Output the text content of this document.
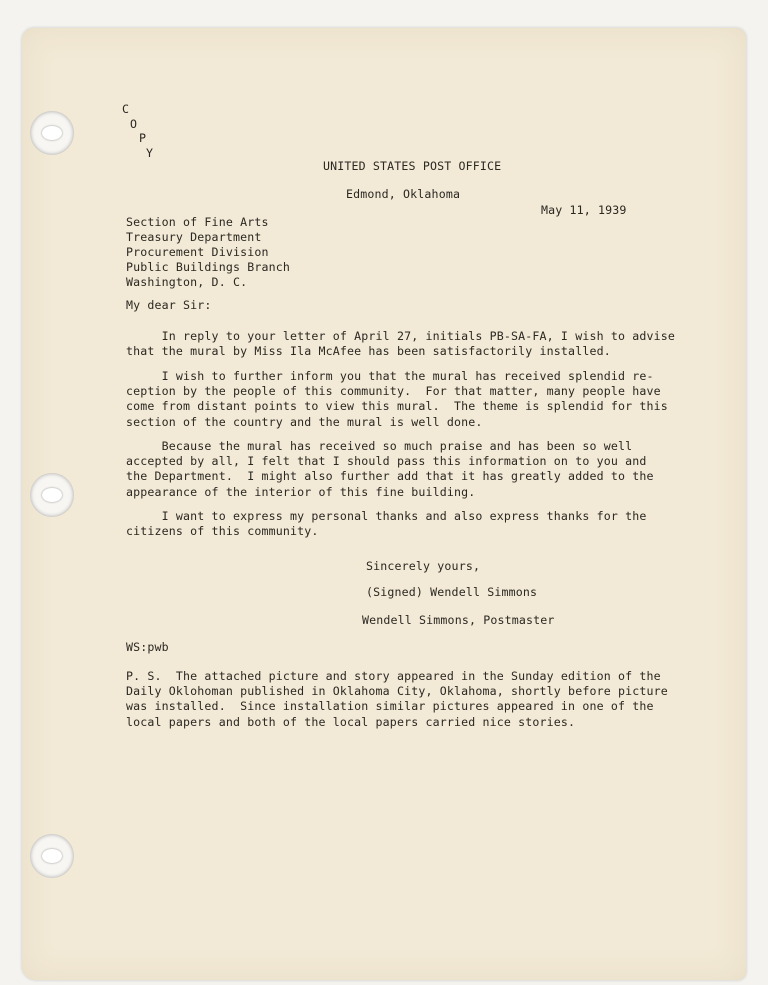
C

O

P

Y

UNITED STATES POST OFFICE

Edmond, Oklahoma

May 11, 1939

Section of Fine Arts

Treasury Department

Procurement Division

Public Buildings Branch

Washington, D. C.

My dear Sir:

In reply to your letter of April 27, initials PB-SA-FA, I wish to advise
that the mural by Miss Ila McAfee has been satisfactorily installed.

I wish to further inform you that the mural has received splendid re-
ception by the people of this community.  For that matter, many people have
come from distant points to view this mural.  The theme is splendid for this
section of the country and the mural is well done.

Because the mural has received so much praise and has been so well
accepted by all, I felt that I should pass this information on to you and
the Department.  I might also further add that it has greatly added to the
appearance of the interior of this fine building.

I want to express my personal thanks and also express thanks for the
citizens of this community.

Sincerely yours,

(Signed) Wendell Simmons

Wendell Simmons, Postmaster

WS:pwb

P. S.  The attached picture and story appeared in the Sunday edition of the
Daily Oklohoman published in Oklahoma City, Oklahoma, shortly before picture
was installed.  Since installation similar pictures appeared in one of the
local papers and both of the local papers carried nice stories.
